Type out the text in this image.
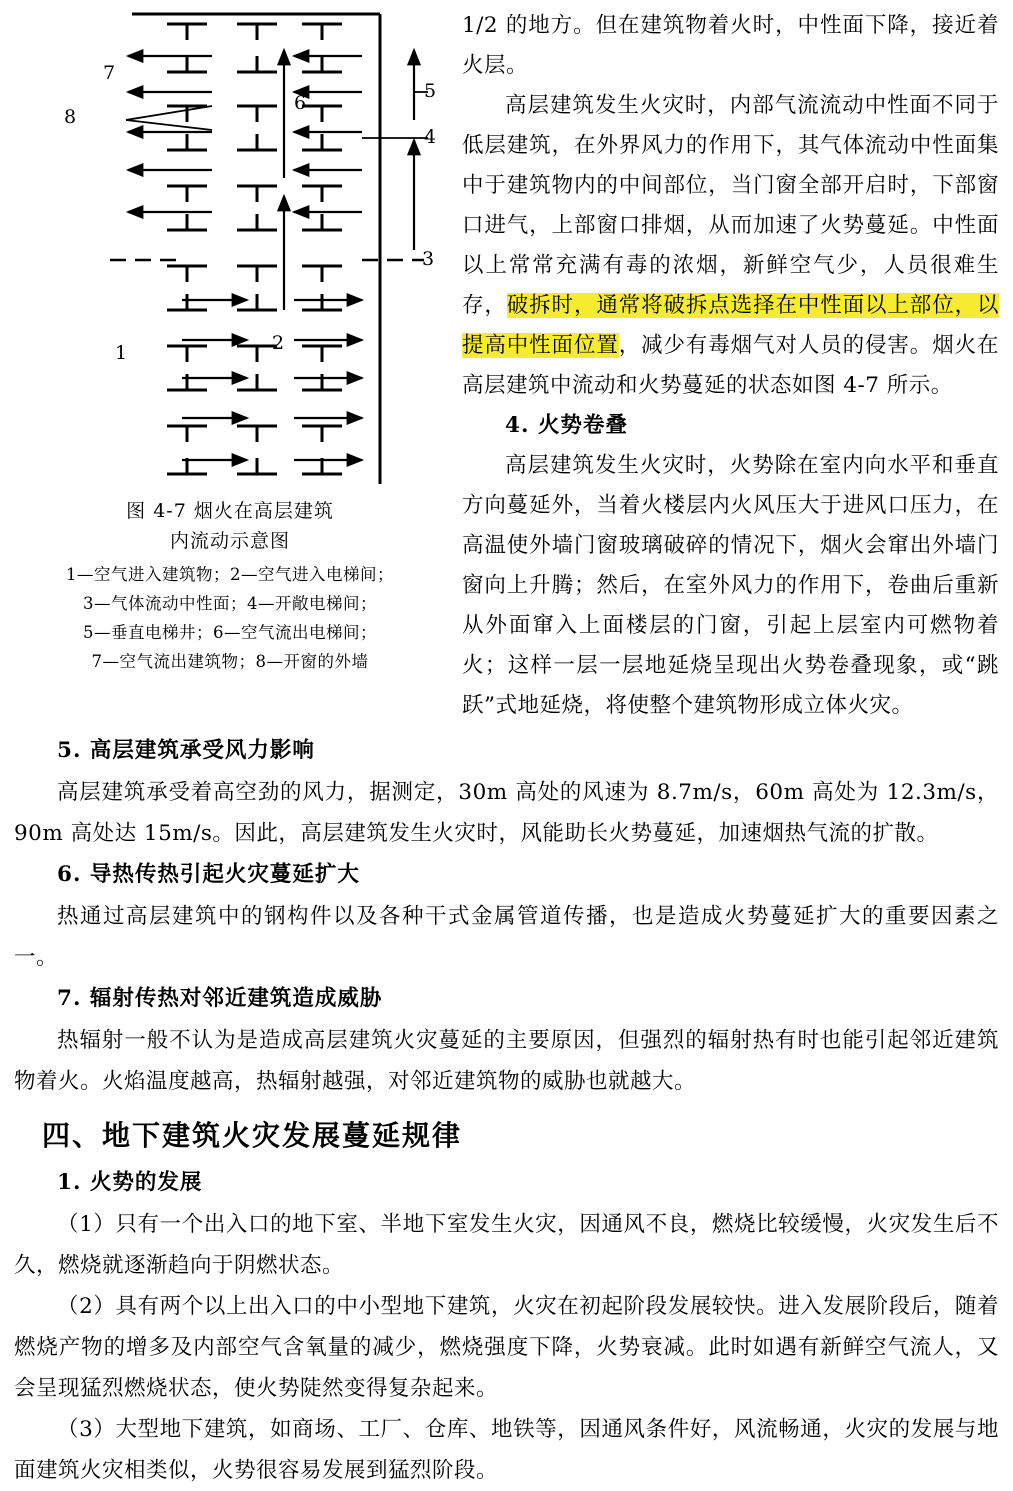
7
8
6
5
4
3
2
1
图 4-7 烟火在高层建筑
内流动示意图
1—空气进入建筑物；2—空气进入电梯间；
3—气体流动中性面；4—开敞电梯间；
5—垂直电梯井；6—空气流出电梯间；
7—空气流出建筑物；8—开窗的外墙

1/2 的地方。但在建筑物着火时，中性面下降，接近着火层。

高层建筑发生火灾时，内部气流流动中性面不同于低层建筑，在外界风力的作用下，其气体流动中性面集中于建筑物内的中间部位，当门窗全部开启时，下部窗口进气，上部窗口排烟，从而加速了火势蔓延。中性面以上常常充满有毒的浓烟，新鲜空气少，人员很难生存，破拆时，通常将破拆点选择在中性面以上部位，以提高中性面位置，减少有毒烟气对人员的侵害。烟火在高层建筑中流动和火势蔓延的状态如图 4-7 所示。

4. 火势卷叠

高层建筑发生火灾时，火势除在室内向水平和垂直方向蔓延外，当着火楼层内火风压大于进风口压力，在高温使外墙门窗玻璃破碎的情况下，烟火会窜出外墙门窗向上升腾；然后，在室外风力的作用下，卷曲后重新从外面窜入上面楼层的门窗，引起上层室内可燃物着火；这样一层一层地延烧呈现出火势卷叠现象，或“跳跃”式地延烧，将使整个建筑物形成立体火灾。

5. 高层建筑承受风力影响

高层建筑承受着高空劲的风力，据测定，30m 高处的风速为 8.7m/s，60m 高处为 12.3m/s，90m 高处达 15m/s。因此，高层建筑发生火灾时，风能助长火势蔓延，加速烟热气流的扩散。

6. 导热传热引起火灾蔓延扩大

热通过高层建筑中的钢构件以及各种干式金属管道传播，也是造成火势蔓延扩大的重要因素之一。

7. 辐射传热对邻近建筑造成威胁

热辐射一般不认为是造成高层建筑火灾蔓延的主要原因，但强烈的辐射热有时也能引起邻近建筑物着火。火焰温度越高，热辐射越强，对邻近建筑物的威胁也就越大。

四、地下建筑火灾发展蔓延规律

1. 火势的发展

（1）只有一个出入口的地下室、半地下室发生火灾，因通风不良，燃烧比较缓慢，火灾发生后不久，燃烧就逐渐趋向于阴燃状态。

（2）具有两个以上出入口的中小型地下建筑，火灾在初起阶段发展较快。进入发展阶段后，随着燃烧产物的增多及内部空气含氧量的减少，燃烧强度下降，火势衰减。此时如遇有新鲜空气流人，又会呈现猛烈燃烧状态，使火势陡然变得复杂起来。

（3）大型地下建筑，如商场、工厂、仓库、地铁等，因通风条件好，风流畅通，火灾的发展与地面建筑火灾相类似，火势很容易发展到猛烈阶段。
